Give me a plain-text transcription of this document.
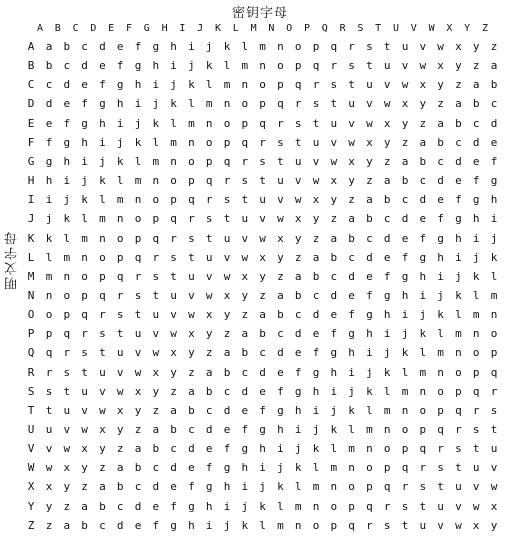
密钥字母
明文字母
A	B	C	D	E	F	G	H	I	J	K	L	M	N	O	P	Q	R	S	T	U	V	W	X	Y	Z
A	a	b	c	d	e	f	g	h	i	j	k	l	m	n	o	p	q	r	s	t	u	v	w	x	y	z
B	b	c	d	e	f	g	h	i	j	k	l	m	n	o	p	q	r	s	t	u	v	w	x	y	z	a
C	c	d	e	f	g	h	i	j	k	l	m	n	o	p	q	r	s	t	u	v	w	x	y	z	a	b
D	d	e	f	g	h	i	j	k	l	m	n	o	p	q	r	s	t	u	v	w	x	y	z	a	b	c
E	e	f	g	h	i	j	k	l	m	n	o	p	q	r	s	t	u	v	w	x	y	z	a	b	c	d
F	f	g	h	i	j	k	l	m	n	o	p	q	r	s	t	u	v	w	x	y	z	a	b	c	d	e
G	g	h	i	j	k	l	m	n	o	p	q	r	s	t	u	v	w	x	y	z	a	b	c	d	e	f
H	h	i	j	k	l	m	n	o	p	q	r	s	t	u	v	w	x	y	z	a	b	c	d	e	f	g
I	i	j	k	l	m	n	o	p	q	r	s	t	u	v	w	x	y	z	a	b	c	d	e	f	g	h
J	j	k	l	m	n	o	p	q	r	s	t	u	v	w	x	y	z	a	b	c	d	e	f	g	h	i
K	k	l	m	n	o	p	q	r	s	t	u	v	w	x	y	z	a	b	c	d	e	f	g	h	i	j
L	l	m	n	o	p	q	r	s	t	u	v	w	x	y	z	a	b	c	d	e	f	g	h	i	j	k
M	m	n	o	p	q	r	s	t	u	v	w	x	y	z	a	b	c	d	e	f	g	h	i	j	k	l
N	n	o	p	q	r	s	t	u	v	w	x	y	z	a	b	c	d	e	f	g	h	i	j	k	l	m
O	o	p	q	r	s	t	u	v	w	x	y	z	a	b	c	d	e	f	g	h	i	j	k	l	m	n
P	p	q	r	s	t	u	v	w	x	y	z	a	b	c	d	e	f	g	h	i	j	k	l	m	n	o
Q	q	r	s	t	u	v	w	x	y	z	a	b	c	d	e	f	g	h	i	j	k	l	m	n	o	p
R	r	s	t	u	v	w	x	y	z	a	b	c	d	e	f	g	h	i	j	k	l	m	n	o	p	q
S	s	t	u	v	w	x	y	z	a	b	c	d	e	f	g	h	i	j	k	l	m	n	o	p	q	r
T	t	u	v	w	x	y	z	a	b	c	d	e	f	g	h	i	j	k	l	m	n	o	p	q	r	s
U	u	v	w	x	y	z	a	b	c	d	e	f	g	h	i	j	k	l	m	n	o	p	q	r	s	t
V	v	w	x	y	z	a	b	c	d	e	f	g	h	i	j	k	l	m	n	o	p	q	r	s	t	u
W	w	x	y	z	a	b	c	d	e	f	g	h	i	j	k	l	m	n	o	p	q	r	s	t	u	v
X	x	y	z	a	b	c	d	e	f	g	h	i	j	k	l	m	n	o	p	q	r	s	t	u	v	w
Y	y	z	a	b	c	d	e	f	g	h	i	j	k	l	m	n	o	p	q	r	s	t	u	v	w	x
Z	z	a	b	c	d	e	f	g	h	i	j	k	l	m	n	o	p	q	r	s	t	u	v	w	x	y
